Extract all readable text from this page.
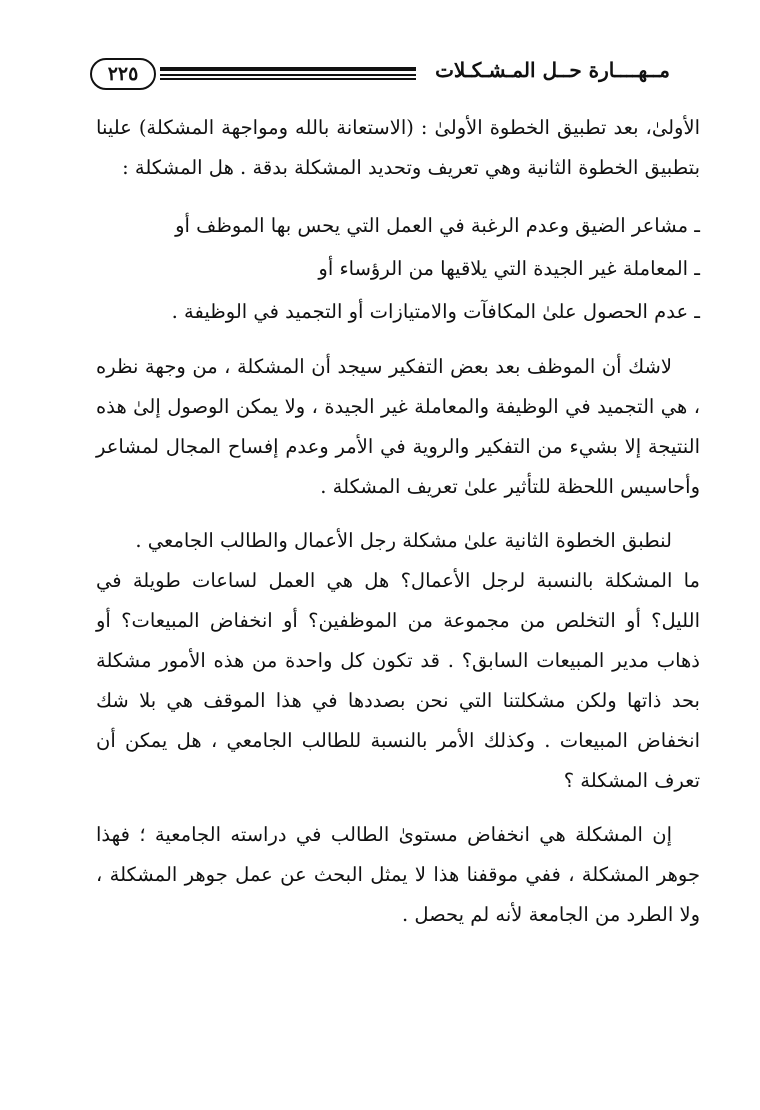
٢٢٥	مــهــــارة حــل المـشـكـلات

الأولىٰ، بعد تطبيق الخطوة الأولىٰ : (الاستعانة بالله ومواجهة المشكلة) علينا بتطبيق الخطوة الثانية وهي تعريف وتحديد المشكلة بدقة . هل المشكلة :

ـ مشاعر الضيق وعدم الرغبة في العمل التي يحس بها الموظف أو

ـ المعاملة غير الجيدة التي يلاقيها من الرؤساء أو

ـ عدم الحصول علىٰ المكافآت والامتيازات أو التجميد في الوظيفة .

لاشك أن الموظف بعد بعض التفكير سيجد أن المشكلة ، من وجهة نظره ، هي التجميد في الوظيفة والمعاملة غير الجيدة ، ولا يمكن الوصول إلىٰ هذه النتيجة إلا بشيء من التفكير والروية في الأمر وعدم إفساح المجال لمشاعر وأحاسيس اللحظة للتأثير علىٰ تعريف المشكلة .

لنطبق الخطوة الثانية علىٰ مشكلة رجل الأعمال والطالب الجامعي .

ما المشكلة بالنسبة لرجل الأعمال؟ هل هي العمل لساعات طويلة في الليل؟ أو التخلص من مجموعة من الموظفين؟ أو انخفاض المبيعات؟ أو ذهاب مدير المبيعات السابق؟ . قد تكون كل واحدة من هذه الأمور مشكلة بحد ذاتها ولكن مشكلتنا التي نحن بصددها في هذا الموقف هي بلا شك انخفاض المبيعات . وكذلك الأمر بالنسبة للطالب الجامعي ، هل يمكن أن تعرف المشكلة ؟

إن المشكلة هي انخفاض مستوىٰ الطالب في دراسته الجامعية ؛ فهذا جوهر المشكلة ، ففي موقفنا هذا لا يمثل البحث عن عمل جوهر المشكلة ، ولا الطرد من الجامعة لأنه لم يحصل .
